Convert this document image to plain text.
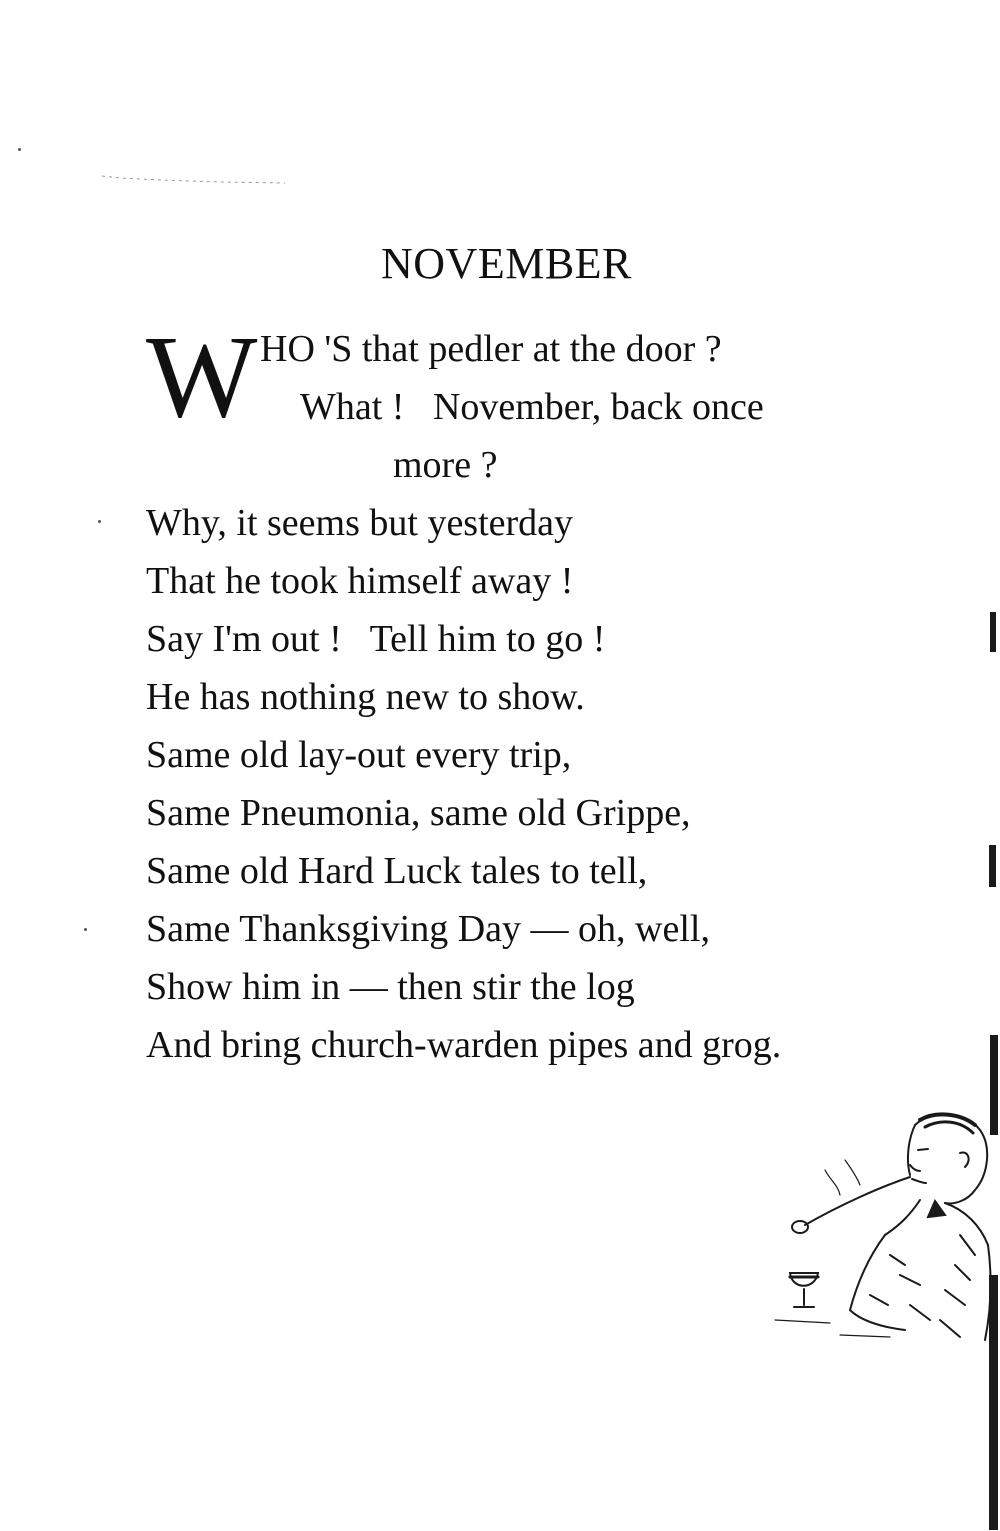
NOVEMBER
W HO 'S that pedler at the door ?
What !   November, back once
more ?
Why, it seems but yesterday
That he took himself away !
Say I'm out !   Tell him to go !
He has nothing new to show.
Same old lay-out every trip,
Same Pneumonia, same old Grippe,
Same old Hard Luck tales to tell,
Same Thanksgiving Day — oh, well,
Show him in — then stir the log
And bring church-warden pipes and grog.
